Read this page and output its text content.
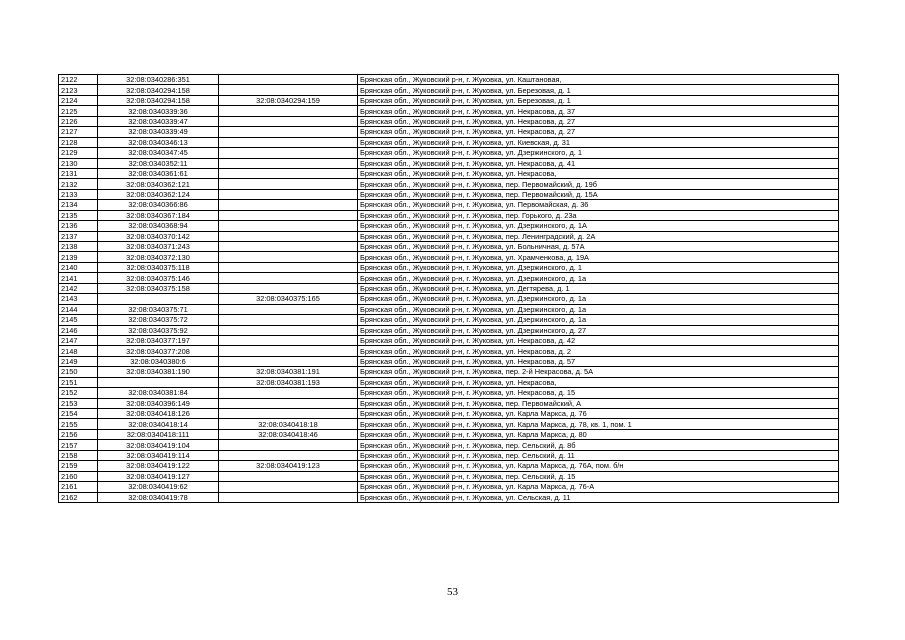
2122	32:08:0340286:351		Брянская обл., Жуковский р-н, г. Жуковка, ул. Каштановая,
2123	32:08:0340294:158		Брянская обл., Жуковский р-н, г. Жуковка, ул. Березовая, д. 1
2124	32:08:0340294:158	32:08:0340294:159	Брянская обл., Жуковский р-н, г. Жуковка, ул. Березовая, д. 1
2125	32:08:0340339:36		Брянская обл., Жуковский р-н, г. Жуковка, ул. Некрасова, д. 37
2126	32:08:0340339:47		Брянская обл., Жуковский р-н, г. Жуковка, ул. Некрасова, д. 27
2127	32:08:0340339:49		Брянская обл., Жуковский р-н, г. Жуковка, ул. Некрасова, д. 27
2128	32:08:0340346:13		Брянская обл., Жуковский р-н, г. Жуковка, ул. Киевская, д. 31
2129	32:08:0340347:45		Брянская обл., Жуковский р-н, г. Жуковка, ул. Дзержинского, д. 1
2130	32:08:0340352:11		Брянская обл., Жуковский р-н, г. Жуковка, ул. Некрасова, д. 41
2131	32:08:0340361:61		Брянская обл., Жуковский р-н, г. Жуковка, ул. Некрасова,
2132	32:08:0340362:121		Брянская обл., Жуковский р-н, г. Жуковка, пер. Первомайский, д. 19б
2133	32:08:0340362:124		Брянская обл., Жуковский р-н, г. Жуковка, пер. Первомайский, д. 15А
2134	32:08:0340366:86		Брянская обл., Жуковский р-н, г. Жуковка, ул. Первомайская, д. 36
2135	32:08:0340367:184		Брянская обл., Жуковский р-н, г. Жуковка, пер. Горького, д. 23а
2136	32:08:0340368:94		Брянская обл., Жуковский р-н, г. Жуковка, ул. Дзержинского, д. 1А
2137	32:08:0340370:142		Брянская обл., Жуковский р-н, г. Жуковка, пер. Ленинградский, д. 2А
2138	32:08:0340371:243		Брянская обл., Жуковский р-н, г. Жуковка, ул. Больничная, д. 57А
2139	32:08:0340372:130		Брянская обл., Жуковский р-н, г. Жуковка, ул. Храмченкова, д. 19А
2140	32:08:0340375:118		Брянская обл., Жуковский р-н, г. Жуковка, ул. Дзержинского, д. 1
2141	32:08:0340375:146		Брянская обл., Жуковский р-н, г. Жуковка, ул. Дзержинского, д. 1а
2142	32:08:0340375:158		Брянская обл., Жуковский р-н, г. Жуковка, ул. Дегтярева, д. 1
2143		32:08:0340375:165	Брянская обл., Жуковский р-н, г. Жуковка, ул. Дзержинского, д. 1а
2144	32:08:0340375:71		Брянская обл., Жуковский р-н, г. Жуковка, ул. Дзержинского, д. 1а
2145	32:08:0340375:72		Брянская обл., Жуковский р-н, г. Жуковка, ул. Дзержинского, д. 1а
2146	32:08:0340375:92		Брянская обл., Жуковский р-н, г. Жуковка, ул. Дзержинского, д. 27
2147	32:08:0340377:197		Брянская обл., Жуковский р-н, г. Жуковка, ул. Некрасова, д. 42
2148	32:08:0340377:208		Брянская обл., Жуковский р-н, г. Жуковка, ул. Некрасова, д. 2
2149	32:08:0340380:6		Брянская обл., Жуковский р-н, г. Жуковка, ул. Некрасова, д. 57
2150	32:08:0340381:190	32:08:0340381:191	Брянская обл., Жуковский р-н, г. Жуковка, пер. 2-й Некрасова, д. 5А
2151		32:08:0340381:193	Брянская обл., Жуковский р-н, г. Жуковка, ул. Некрасова,
2152	32:08:0340381:84		Брянская обл., Жуковский р-н, г. Жуковка, ул. Некрасова, д. 15
2153	32:08:0340396:149		Брянская обл., Жуковский р-н, г. Жуковка, пер. Первомайский, А
2154	32:08:0340418:126		Брянская обл., Жуковский р-н, г. Жуковка, ул. Карла Маркса, д. 76
2155	32:08:0340418:14	32:08:0340418:18	Брянская обл., Жуковский р-н, г. Жуковка, ул. Карла Маркса, д. 78, кв. 1, пом. 1
2156	32:08:0340418:111	32:08:0340418:46	Брянская обл., Жуковский р-н, г. Жуковка, ул. Карла Маркса, д. 80
2157	32:08:0340419:104		Брянская обл., Жуковский р-н, г. Жуковка, пер. Сельский, д. 8б
2158	32:08:0340419:114		Брянская обл., Жуковский р-н, г. Жуковка, пер. Сельский, д. 11
2159	32:08:0340419:122	32:08:0340419:123	Брянская обл., Жуковский р-н, г. Жуковка, ул. Карла Маркса, д. 76А, пом. б/н
2160	32:08:0340419:127		Брянская обл., Жуковский р-н, г. Жуковка, пер. Сельский, д. 15
2161	32:08:0340419:62		Брянская обл., Жуковский р-н, г. Жуковка, ул. Карла Маркса, д. 76-А
2162	32:08:0340419:78		Брянская обл., Жуковский р-н, г. Жуковка, ул. Сельская, д. 11
53
